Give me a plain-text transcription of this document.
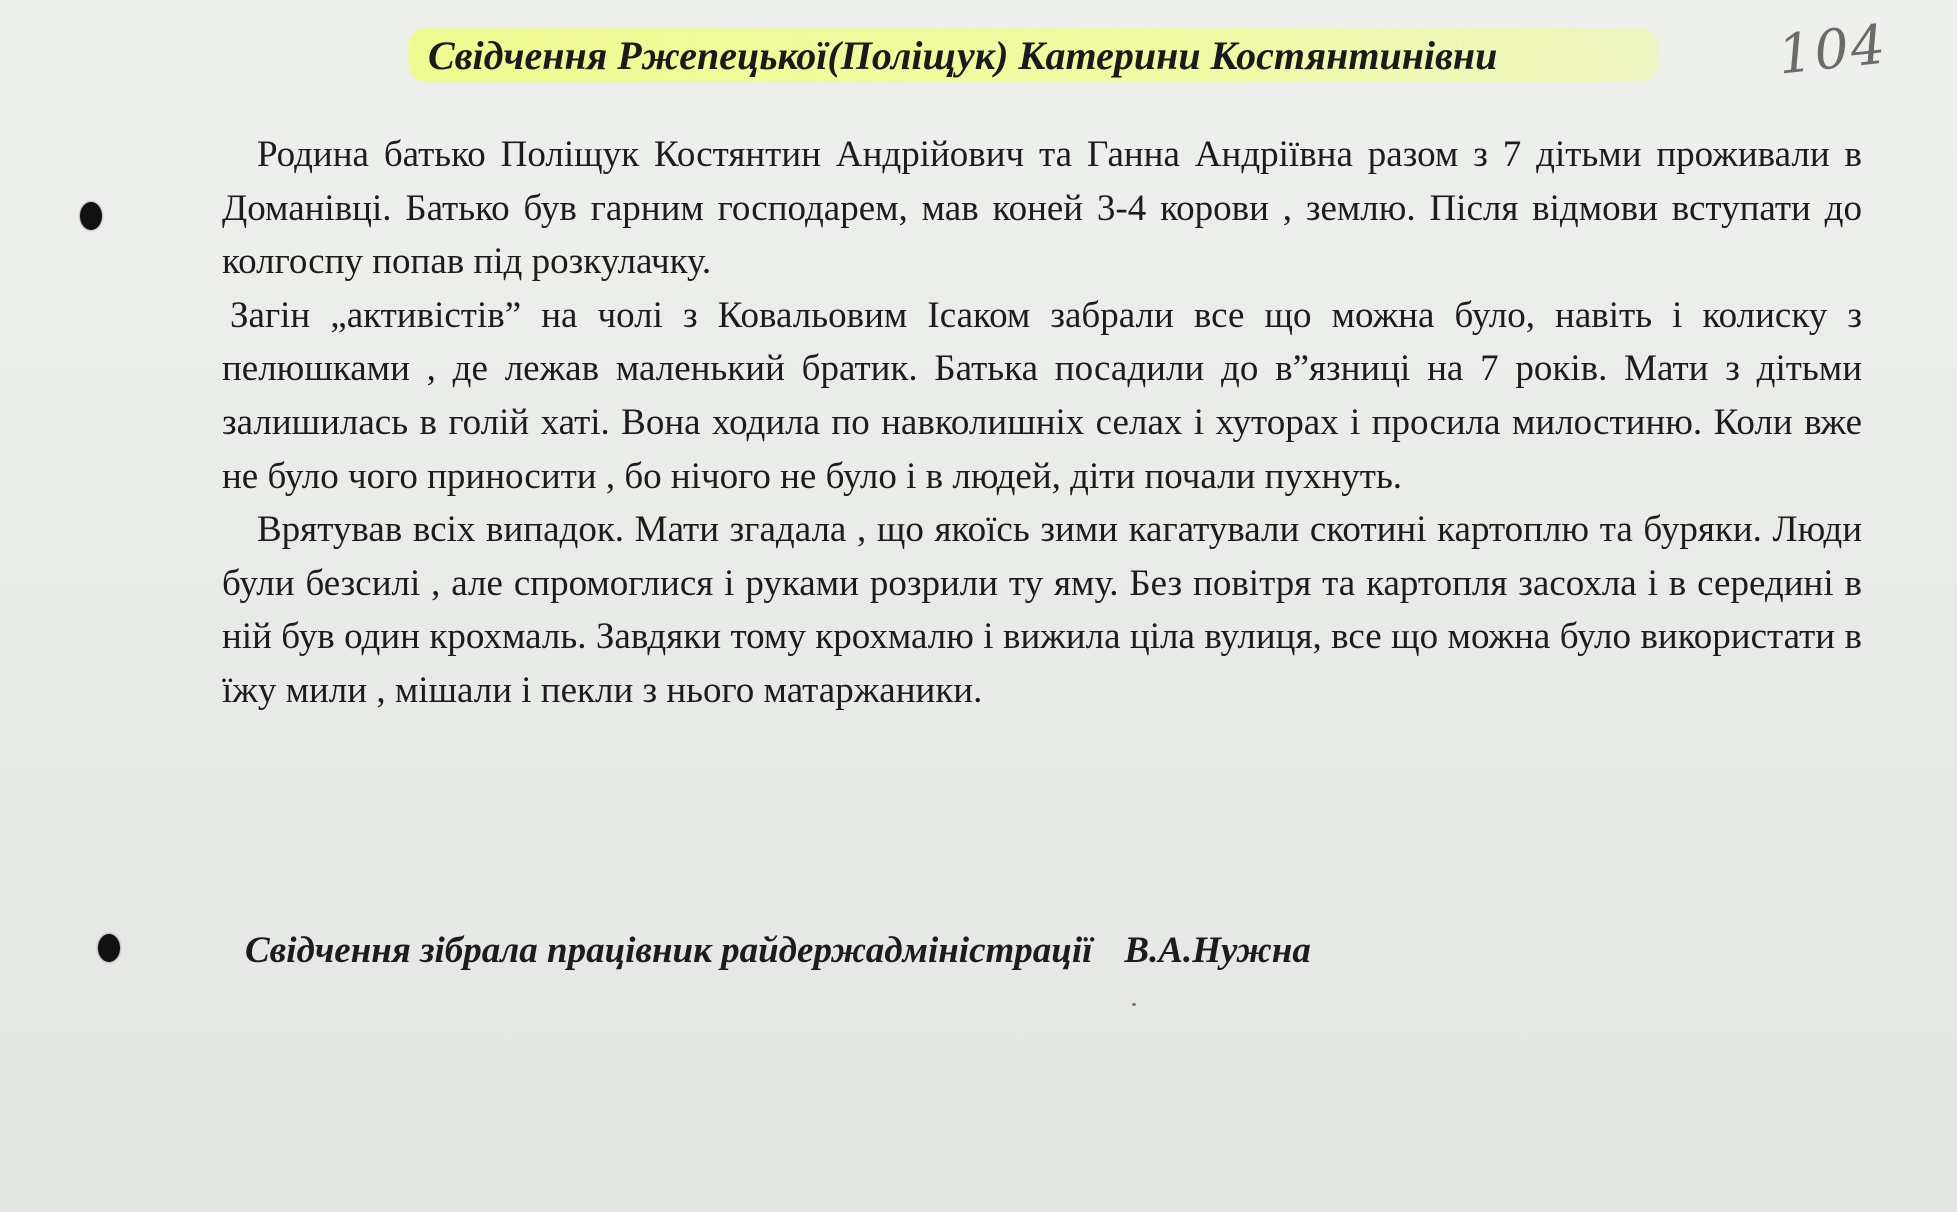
Свідчення Ржепецької(Поліщук) Катерини Костянтинівни	104

Родина батько Поліщук Костянтин Андрійович та Ганна Андріївна разом з 7 дітьми проживали в Доманівці. Батько був гарним господарем, мав коней 3-4 корови , землю. Після відмови вступати до колгоспу попав під розкулачку.

Загін „активістів” на чолі з Ковальовим Ісаком забрали все що можна було, навіть і колиску з пелюшками , де лежав маленький братик. Батька посадили до в”язниці на 7 років. Мати з дітьми залишилась в голій хаті. Вона ходила по навколишніх селах і хуторах і просила милостиню. Коли вже не було чого приносити , бо нічого не було і в людей, діти почали пухнуть.

Врятував всіх випадок. Мати згадала , що якоїсь зими кагатували скотині картоплю та буряки. Люди були безсилі , але спромоглися і руками розрили ту яму. Без повітря та картопля засохла і в середині в ній був один крохмаль. Завдяки тому крохмалю і вижила ціла вулиця, все що можна було використати в їжу мили , мішали і пекли з нього матаржаники.

Свідчення зібрала працівник райдержадміністрації В.А.Нужна
